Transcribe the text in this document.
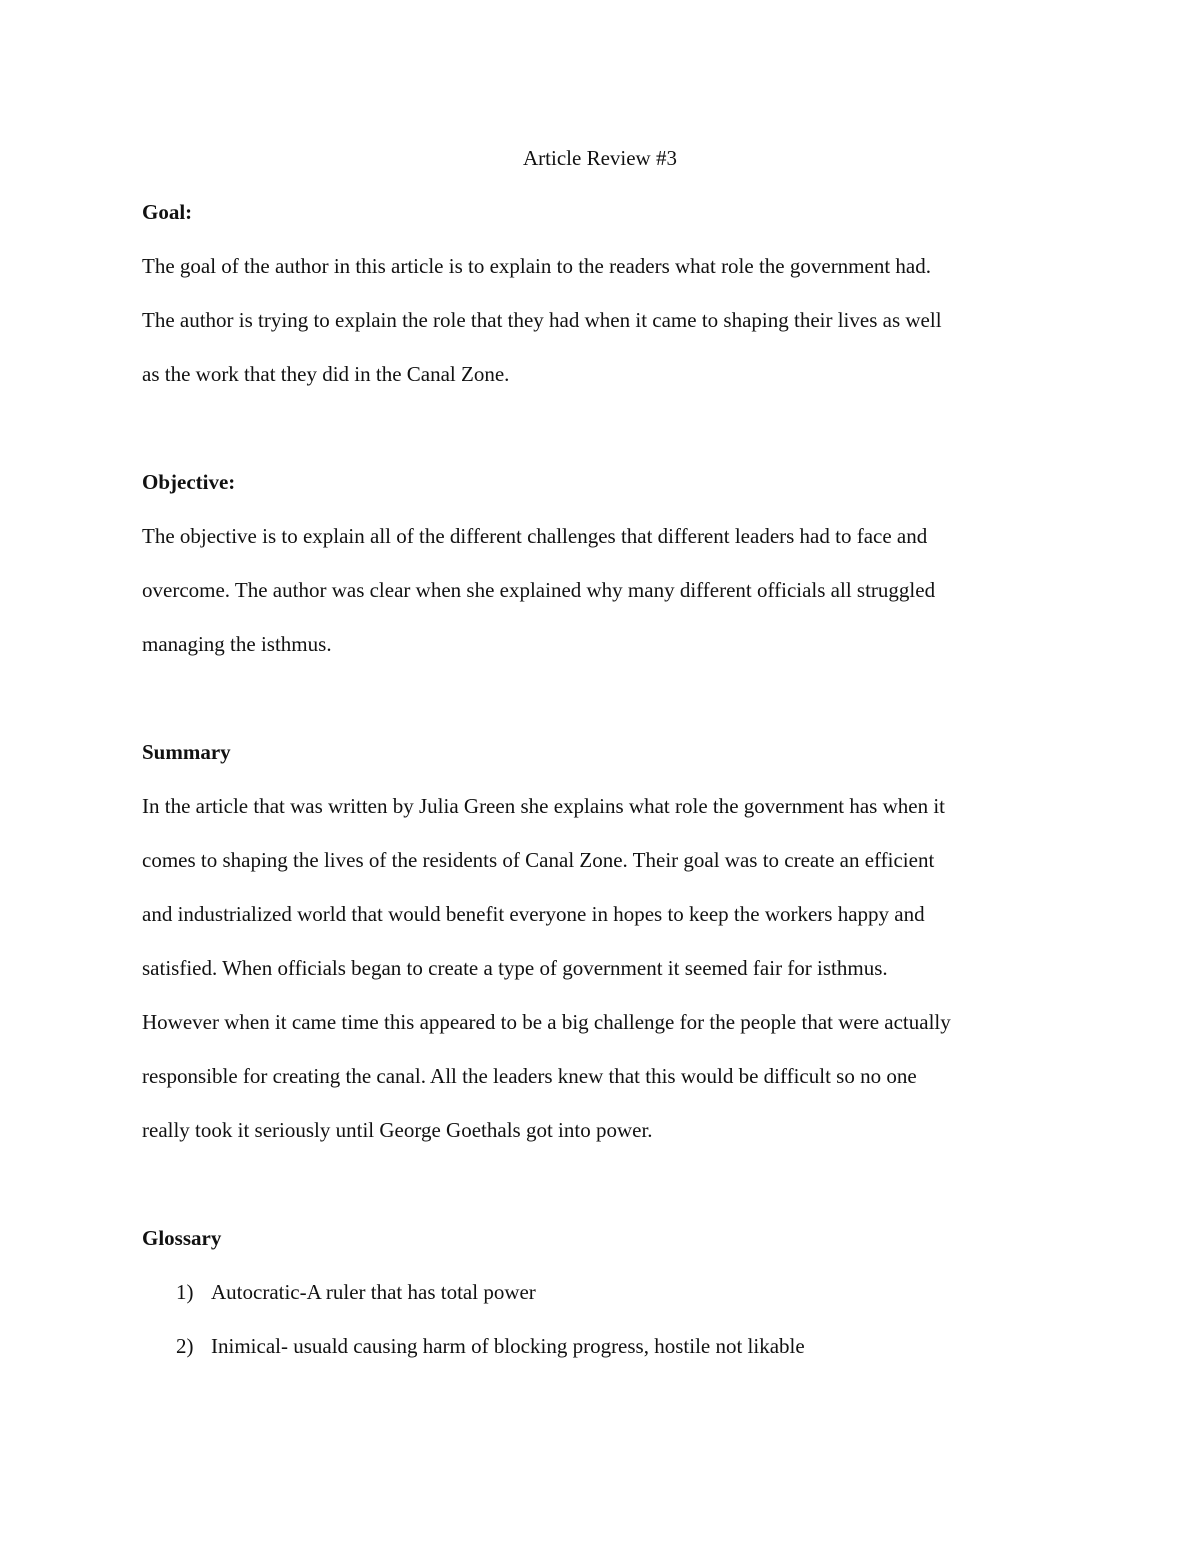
Article Review #3

Goal:

The goal of the author in this article is to explain to the readers what role the government had.

The author is trying to explain the role that they had when it came to shaping their lives as well

as the work that they did in the Canal Zone.

Objective:

The objective is to explain all of the different challenges that different leaders had to face and

overcome. The author was clear when she explained why many different officials all struggled

managing the isthmus.

Summary

In the article that was written by Julia Green she explains what role the government has when it

comes to shaping the lives of the residents of Canal Zone. Their goal was to create an efficient

and industrialized world that would benefit everyone in hopes to keep the workers happy and

satisfied. When officials began to create a type of government it seemed fair for isthmus.

However when it came time this appeared to be a big challenge for the people that were actually

responsible for creating the canal. All the leaders knew that this would be difficult so no one

really took it seriously until George Goethals got into power.

Glossary

1) Autocratic-A ruler that has total power

2) Inimical- usuald causing harm of blocking progress, hostile not likable
